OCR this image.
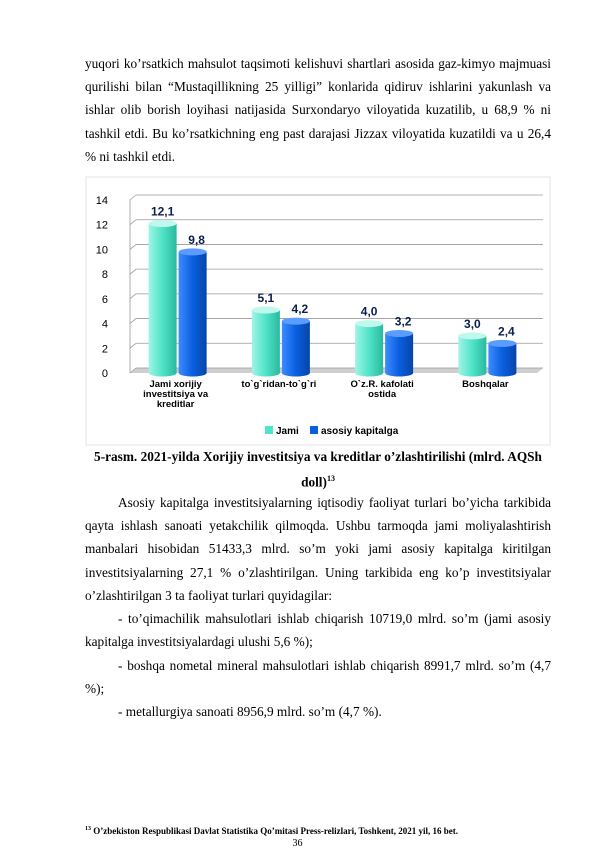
yuqori ko’rsatkich mahsulot taqsimoti kelishuvi shartlari asosida gaz-kimyo majmuasi qurilishi bilan “Mustaqillikning 25 yilligi” konlarida qidiruv ishlarini yakunlash va ishlar olib borish loyihasi natijasida Surxondaryo viloyatida kuzatilib, u 68,9 % ni tashkil etdi. Bu ko’rsatkichning eng past darajasi Jizzax viloyatida kuzatildi va u 26,4 % ni tashkil etdi.

0
2
4
6
8
10
12
14
12,1
9,8
Jami xorijiy
investitsiya va
kreditlar
5,1
4,2
to`g`ridan-to`g`ri
4,0
3,2
O`z.R. kafolati
ostida
3,0
2,4
Boshqalar
Jami asosiy kapitalga
5-rasm. 2021-yilda Xorijiy investitsiya va kreditlar o’zlashtirilishi (mlrd. AQSh doll)$^{13}$

Asosiy kapitalga investitsiyalarning iqtisodiy faoliyat turlari bo’yicha tarkibida qayta ishlash sanoati yetakchilik qilmoqda. Ushbu tarmoqda jami moliyalashtirish manbalari hisobidan 51433,3 mlrd. so’m yoki jami asosiy kapitalga kiritilgan investitsiyalarning 27,1 % o’zlashtirilgan. Uning tarkibida eng ko’p investitsiyalar o’zlashtirilgan 3 ta faoliyat turlari quyidagilar:

- to’qimachilik mahsulotlari ishlab chiqarish 10719,0 mlrd. so’m (jami asosiy kapitalga investitsiyalardagi ulushi 5,6 %);

- boshqa nometal mineral mahsulotlari ishlab chiqarish 8991,7 mlrd. so’m (4,7 %);

- metallurgiya sanoati 8956,9 mlrd. so’m (4,7 %).

$^{13}$ O’zbekiston Respublikasi Davlat Statistika Qo’mitasi Press-relizlari, Toshkent, 2021 yil, 16 bet.
36
